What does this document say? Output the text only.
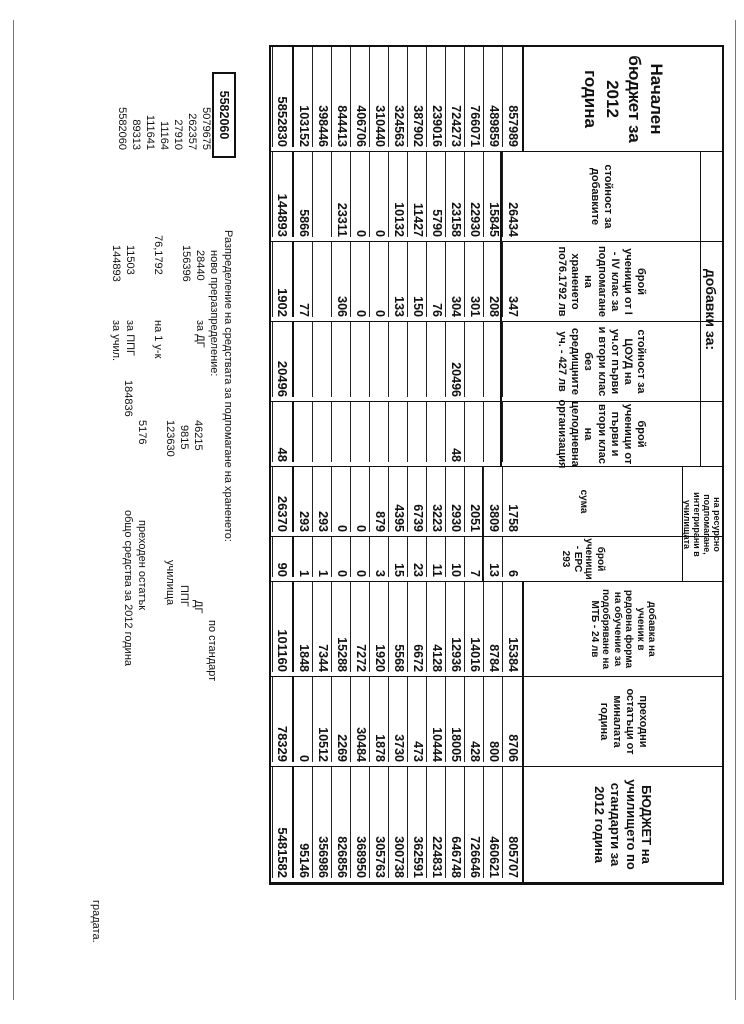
Начален бюджет за 2012 година
857989
489859
766071
724273
239016
387902
324563
310440
406706
844413
398446
103152
5852830
стойност за добавките
26434
15845
22930
23158
5790
11427
10132
0
0
23311
5866
144893
брой ученици от I - IV клас за подпомагане на храненето по76.1792 лв
347
208
301
304
76
150
133
0
0
306
77
1902
стойност за ЦОУД на уч.от първи и втори клас без средищните уч. - 427 лв
20496
20496
брой ученици от първи и втори клас на целодневна организация
48
48
сума
1758
3809
2051
2930
3223
6739
4395
879
0
0
293
293
26370
брой ученици - ЕРС 293
6
13
7
10
11
23
15
3
0
0
1
1
90
добавка на ученик в редовна форма на обучение за подобряване на МТБ - 24 лв
15384
8784
14016
12936
4128
6672
5568
1920
7272
15288
7344
1848
101160
преходни остатъци от миналата година
8706
800
428
18005
10444
473
3730
1878
30484
2269
10512
0
78329
БЮДЖЕТ на училището по стандарти за 2012 година
805707
460621
726646
646748
224831
362591
300738
305763
368950
826856
356986
95146
5481582
на ресурсно подпомагане, интегрирани в училищата
добавки за:
5582060
5079675
262357
27910
11164
111641
89313
5582060
градата.
Разпределение на средствата за подпомагане на храненето:
по стандарт
ДГ
46215
ППГ
9815
училища
123630
преходен остатък
5176
общо средства за 2012 година
184836
ново преразпределение:
за ДГ
28440
156396
на 1 у-к
76,1792
за ППГ
11503
за учил.
144893
